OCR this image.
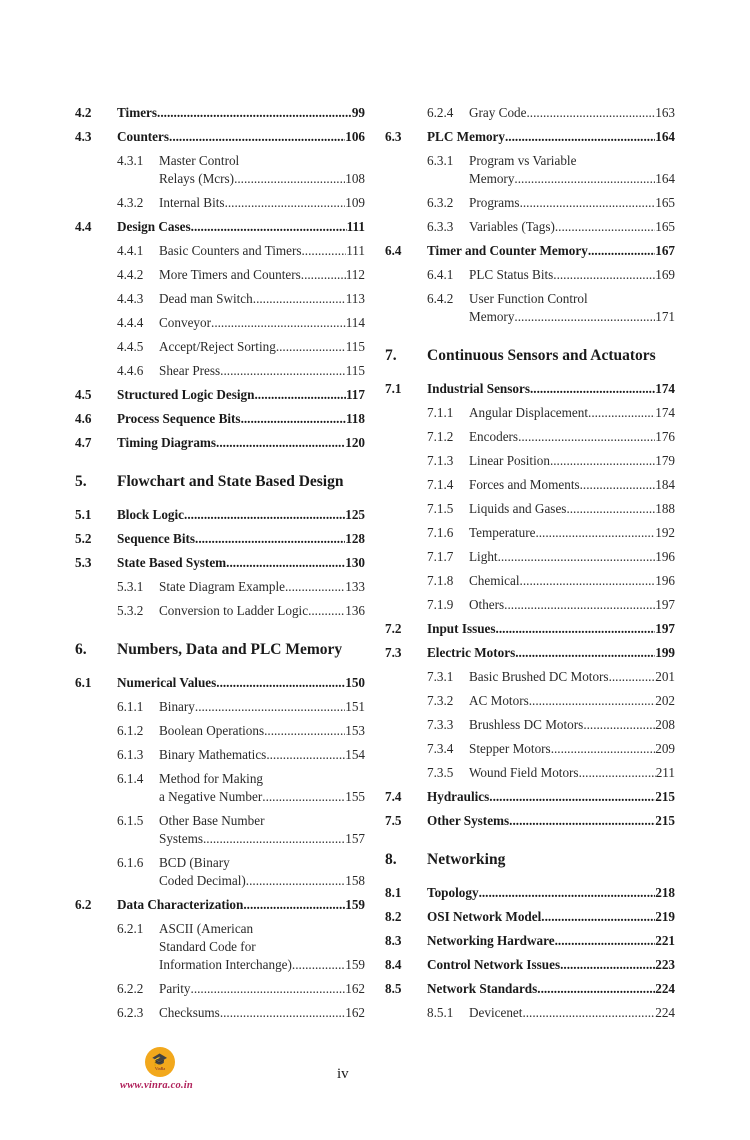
4.2	Timers .....	99
4.3	Counters .....	106
4.3.1	Master Control
Relays (Mcrs) .....	108
4.3.2	Internal Bits .....	109
4.4	Design Cases .....	111
4.4.1	Basic Counters and Timers .....	111
4.4.2	More Timers and Counters .....	112
4.4.3	Dead man Switch .....	113
4.4.4	Conveyor .....	114
4.4.5	Accept/Reject Sorting .....	115
4.4.6	Shear Press .....	115
4.5	Structured Logic Design .....	117
4.6	Process Sequence Bits .....	118
4.7	Timing Diagrams .....	120
5.	Flowchart and State Based Design
5.1	Block Logic .....	125
5.2	Sequence Bits .....	128
5.3	State Based System .....	130
5.3.1	State Diagram Example .....	133
5.3.2	Conversion to Ladder Logic .....	136
6.	Numbers, Data and PLC Memory
6.1	Numerical Values .....	150
6.1.1	Binary .....	151
6.1.2	Boolean Operations .....	153
6.1.3	Binary Mathematics .....	154
6.1.4	Method for Making
a Negative Number .....	155
6.1.5	Other Base Number
Systems .....	157
6.1.6	BCD (Binary
Coded Decimal) .....	158
6.2	Data Characterization .....	159
6.2.1	ASCII (American
Standard Code for
Information Interchange) .....	159
6.2.2	Parity .....	162
6.2.3	Checksums .....	162
6.2.4	Gray Code .....	163
6.3	PLC Memory .....	164
6.3.1	Program vs Variable
Memory .....	164
6.3.2	Programs .....	165
6.3.3	Variables (Tags) .....	165
6.4	Timer and Counter Memory .....	167
6.4.1	PLC Status Bits .....	169
6.4.2	User Function Control
Memory .....	171
7.	Continuous Sensors and Actuators
7.1	Industrial Sensors .....	174
7.1.1	Angular Displacement .....	174
7.1.2	Encoders .....	176
7.1.3	Linear Position .....	179
7.1.4	Forces and Moments .....	184
7.1.5	Liquids and Gases .....	188
7.1.6	Temperature .....	192
7.1.7	Light .....	196
7.1.8	Chemical .....	196
7.1.9	Others .....	197
7.2	Input Issues .....	197
7.3	Electric Motors .....	199
7.3.1	Basic Brushed DC Motors .....	201
7.3.2	AC Motors .....	202
7.3.3	Brushless DC Motors .....	208
7.3.4	Stepper Motors .....	209
7.3.5	Wound Field Motors .....	211
7.4	Hydraulics .....	215
7.5	Other Systems .....	215
8.	Networking
8.1	Topology .....	218
8.2	OSI Network Model .....	219
8.3	Networking Hardware .....	221
8.4	Control Network Issues .....	223
8.5	Network Standards .....	224
8.5.1	Devicenet .....	224
🎓
VinRa
www.vinra.co.in
iv
